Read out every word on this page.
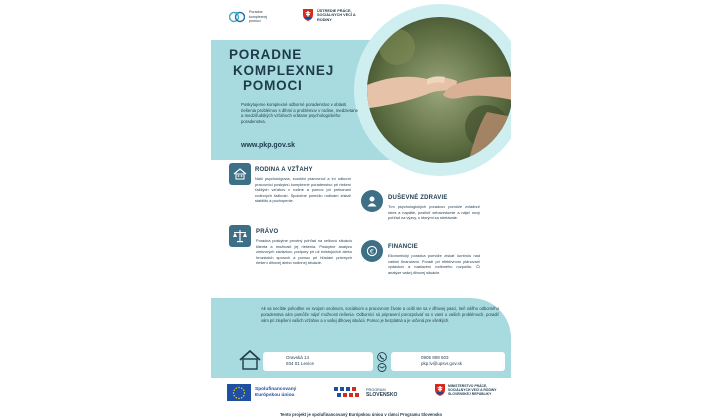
Poradne komplexnej pomoci
ÚSTREDIE PRÁCE, SOCIÁLNYCH VECÍ A RODINY
PORADNE
KOMPLEXNEJ
POMOCI
Poskytujeme komplexné odborné poradenstvo v oblasti riešenia problémov s dlhmi a problémov v rodine, medzietane a medziľudských vzťahoch vrátane psychologického poradenstva.
www.pkp.gov.sk
RODINA A VZŤAHY
Naši psychológovia, sociálni pracovníci a iní odborní pracovníci poskytnú komplexné poradenstvo pri riešení ťažkých vzťahov v rodine a pomoc pri prekonaní rodinných ťažkostí. Spoločne pomôžu rodinám získať stabilitu a pochopenie.	DUŠEVNÉ ZDRAVIE
Tím psychologických poradcov pomôže zvládnuť stres a napätie, posilniť sebavedomie a nájsť nový pohľad na výzvy, s ktorými sa stretávate.
PRÁVO
Poradca poskytne prvotný pohľad na celkovú situáciu klienta a možnosti jej riešenia. Poskytne analýzu zmluvných záväzkov, podpory pri už existujúcich alebo hroziacich sporoch a pomoc pri hľadaní právnych riešení dlhovej alebo rodinnej situácie.
€
FINANCIE
Ekonomický poradca pomôže získať kontrolu nad vašimi financiami. Poradí pri efektívnom plánovaní výdavkov a nastavení rodinného rozpočtu. Či analýze vašej dlhovej situácie.
Ak sa necítite pohodlne vo svojom osobnom, sociálnom a pracovnom živote a ocitli ste sa v dlhovej pasci, tieň nášho odborného poradenstva vám pomôže nájsť možnosti riešenia. Odborníci sú pripravení porozprávať sa s vami o vašich problémoch, poradiť vám pri zlepšení vašich vzťahov a o vašej dlhovej situácii. Pomoc je bezplatná a je určená pre všetkých.
Oravská 14
934 01 Levice
0905 908 503
pkp.lv@upsvr.gov.sk
Spolufinancovaný Európskou úniou
PROGRAM
SLOVENSKO
MINISTERSTVO PRÁCE, SOCIÁLNYCH VECÍ A RODINY SLOVENSKEJ REPUBLIKY
Tento projekt je spolufinancovaný Európskou úniou v rámci Programu Slovensko
